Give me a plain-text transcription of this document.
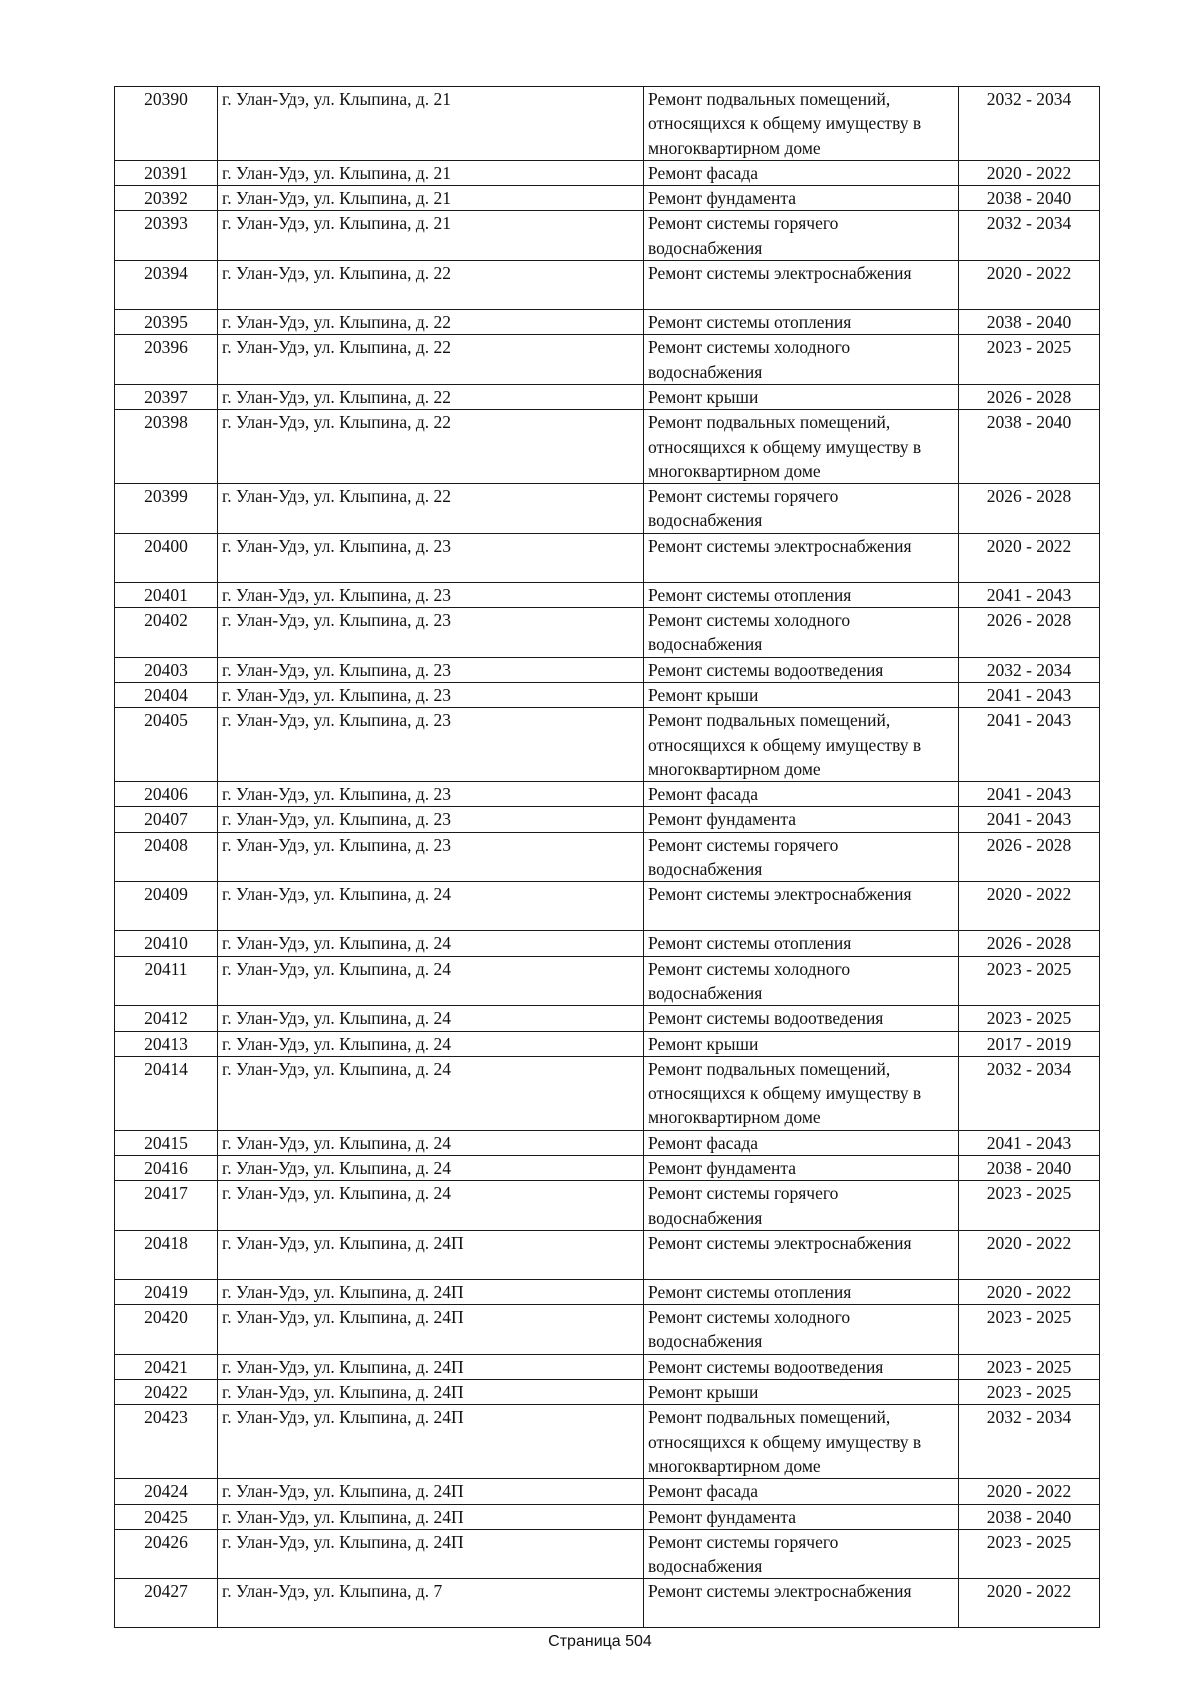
20390	г. Улан-Удэ, ул. Клыпина, д. 21	Ремонт подвальных помещений, относящихся к общему имуществу в многоквартирном доме	2032 - 2034
20391	г. Улан-Удэ, ул. Клыпина, д. 21	Ремонт фасада	2020 - 2022
20392	г. Улан-Удэ, ул. Клыпина, д. 21	Ремонт фундамента	2038 - 2040
20393	г. Улан-Удэ, ул. Клыпина, д. 21	Ремонт системы горячего водоснабжения	2032 - 2034
20394	г. Улан-Удэ, ул. Клыпина, д. 22	Ремонт системы электроснабжения	2020 - 2022
20395	г. Улан-Удэ, ул. Клыпина, д. 22	Ремонт системы отопления	2038 - 2040
20396	г. Улан-Удэ, ул. Клыпина, д. 22	Ремонт системы холодного водоснабжения	2023 - 2025
20397	г. Улан-Удэ, ул. Клыпина, д. 22	Ремонт крыши	2026 - 2028
20398	г. Улан-Удэ, ул. Клыпина, д. 22	Ремонт подвальных помещений, относящихся к общему имуществу в многоквартирном доме	2038 - 2040
20399	г. Улан-Удэ, ул. Клыпина, д. 22	Ремонт системы горячего водоснабжения	2026 - 2028
20400	г. Улан-Удэ, ул. Клыпина, д. 23	Ремонт системы электроснабжения	2020 - 2022
20401	г. Улан-Удэ, ул. Клыпина, д. 23	Ремонт системы отопления	2041 - 2043
20402	г. Улан-Удэ, ул. Клыпина, д. 23	Ремонт системы холодного водоснабжения	2026 - 2028
20403	г. Улан-Удэ, ул. Клыпина, д. 23	Ремонт системы водоотведения	2032 - 2034
20404	г. Улан-Удэ, ул. Клыпина, д. 23	Ремонт крыши	2041 - 2043
20405	г. Улан-Удэ, ул. Клыпина, д. 23	Ремонт подвальных помещений, относящихся к общему имуществу в многоквартирном доме	2041 - 2043
20406	г. Улан-Удэ, ул. Клыпина, д. 23	Ремонт фасада	2041 - 2043
20407	г. Улан-Удэ, ул. Клыпина, д. 23	Ремонт фундамента	2041 - 2043
20408	г. Улан-Удэ, ул. Клыпина, д. 23	Ремонт системы горячего водоснабжения	2026 - 2028
20409	г. Улан-Удэ, ул. Клыпина, д. 24	Ремонт системы электроснабжения	2020 - 2022
20410	г. Улан-Удэ, ул. Клыпина, д. 24	Ремонт системы отопления	2026 - 2028
20411	г. Улан-Удэ, ул. Клыпина, д. 24	Ремонт системы холодного водоснабжения	2023 - 2025
20412	г. Улан-Удэ, ул. Клыпина, д. 24	Ремонт системы водоотведения	2023 - 2025
20413	г. Улан-Удэ, ул. Клыпина, д. 24	Ремонт крыши	2017 - 2019
20414	г. Улан-Удэ, ул. Клыпина, д. 24	Ремонт подвальных помещений, относящихся к общему имуществу в многоквартирном доме	2032 - 2034
20415	г. Улан-Удэ, ул. Клыпина, д. 24	Ремонт фасада	2041 - 2043
20416	г. Улан-Удэ, ул. Клыпина, д. 24	Ремонт фундамента	2038 - 2040
20417	г. Улан-Удэ, ул. Клыпина, д. 24	Ремонт системы горячего водоснабжения	2023 - 2025
20418	г. Улан-Удэ, ул. Клыпина, д. 24П	Ремонт системы электроснабжения	2020 - 2022
20419	г. Улан-Удэ, ул. Клыпина, д. 24П	Ремонт системы отопления	2020 - 2022
20420	г. Улан-Удэ, ул. Клыпина, д. 24П	Ремонт системы холодного водоснабжения	2023 - 2025
20421	г. Улан-Удэ, ул. Клыпина, д. 24П	Ремонт системы водоотведения	2023 - 2025
20422	г. Улан-Удэ, ул. Клыпина, д. 24П	Ремонт крыши	2023 - 2025
20423	г. Улан-Удэ, ул. Клыпина, д. 24П	Ремонт подвальных помещений, относящихся к общему имуществу в многоквартирном доме	2032 - 2034
20424	г. Улан-Удэ, ул. Клыпина, д. 24П	Ремонт фасада	2020 - 2022
20425	г. Улан-Удэ, ул. Клыпина, д. 24П	Ремонт фундамента	2038 - 2040
20426	г. Улан-Удэ, ул. Клыпина, д. 24П	Ремонт системы горячего водоснабжения	2023 - 2025
20427	г. Улан-Удэ, ул. Клыпина, д. 7	Ремонт системы электроснабжения	2020 - 2022
Страница 504
